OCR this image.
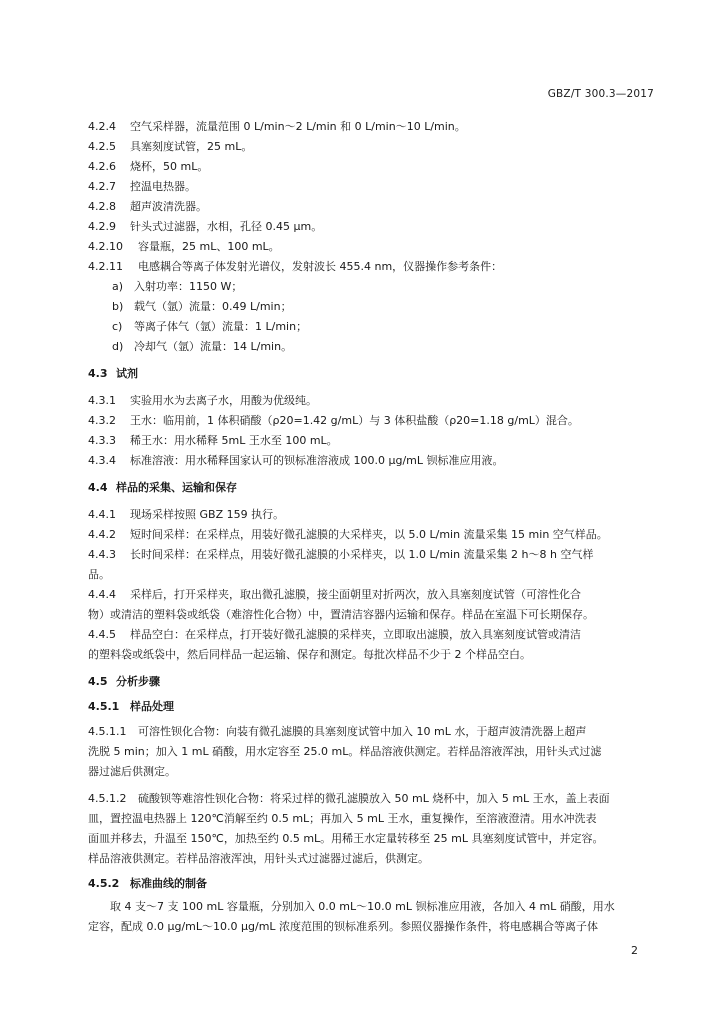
GBZ/T 300.3—2017
4.2.4 空气采样器，流量范围 0 L/min～2 L/min 和 0 L/min～10 L/min。
4.2.5 具塞刻度试管，25 mL。
4.2.6 烧杯，50 mL。
4.2.7 控温电热器。
4.2.8 超声波清洗器。
4.2.9 针头式过滤器，水相，孔径 0.45 μm。
4.2.10 容量瓶，25 mL、100 mL。
4.2.11 电感耦合等离子体发射光谱仪，发射波长 455.4 nm，仪器操作参考条件：
a) 入射功率：1150 W；
b) 载气（氩）流量：0.49 L/min；
c) 等离子体气（氩）流量：1 L/min；
d) 冷却气（氩）流量：14 L/min。
4.3 试剂
4.3.1 实验用水为去离子水，用酸为优级纯。
4.3.2 王水：临用前，1 体积硝酸（ρ20=1.42 g/mL）与 3 体积盐酸（ρ20=1.18 g/mL）混合。
4.3.3 稀王水：用水稀释 5mL 王水至 100 mL。
4.3.4 标准溶液：用水稀释国家认可的钡标准溶液成 100.0 μg/mL 钡标准应用液。
4.4 样品的采集、运输和保存
4.4.1 现场采样按照 GBZ 159 执行。
4.4.2 短时间采样：在采样点，用装好微孔滤膜的大采样夹，以 5.0 L/min 流量采集 15 min 空气样品。
4.4.3 长时间采样：在采样点，用装好微孔滤膜的小采样夹，以 1.0 L/min 流量采集 2 h～8 h 空气样
品。
4.4.4 采样后，打开采样夹，取出微孔滤膜，接尘面朝里对折两次，放入具塞刻度试管（可溶性化合
物）或清洁的塑料袋或纸袋（难溶性化合物）中，置清洁容器内运输和保存。样品在室温下可长期保存。
4.4.5 样品空白：在采样点，打开装好微孔滤膜的采样夹，立即取出滤膜，放入具塞刻度试管或清洁
的塑料袋或纸袋中，然后同样品一起运输、保存和测定。每批次样品不少于 2 个样品空白。
4.5 分析步骤
4.5.1 样品处理
4.5.1.1 可溶性钡化合物：向装有微孔滤膜的具塞刻度试管中加入 10 mL 水，于超声波清洗器上超声
洗脱 5 min；加入 1 mL 硝酸，用水定容至 25.0 mL。样品溶液供测定。若样品溶液浑浊，用针头式过滤
器过滤后供测定。
4.5.1.2 硫酸钡等难溶性钡化合物：将采过样的微孔滤膜放入 50 mL 烧杯中，加入 5 mL 王水，盖上表面
皿，置控温电热器上 120℃消解至约 0.5 mL；再加入 5 mL 王水，重复操作，至溶液澄清。用水冲洗表
面皿并移去，升温至 150℃，加热至约 0.5 mL。用稀王水定量转移至 25 mL 具塞刻度试管中，并定容。
样品溶液供测定。若样品溶液浑浊，用针头式过滤器过滤后，供测定。
4.5.2 标准曲线的制备
取 4 支～7 支 100 mL 容量瓶，分别加入 0.0 mL～10.0 mL 钡标准应用液，各加入 4 mL 硝酸，用水
定容，配成 0.0 μg/mL～10.0 μg/mL 浓度范围的钡标准系列。参照仪器操作条件，将电感耦合等离子体
2
